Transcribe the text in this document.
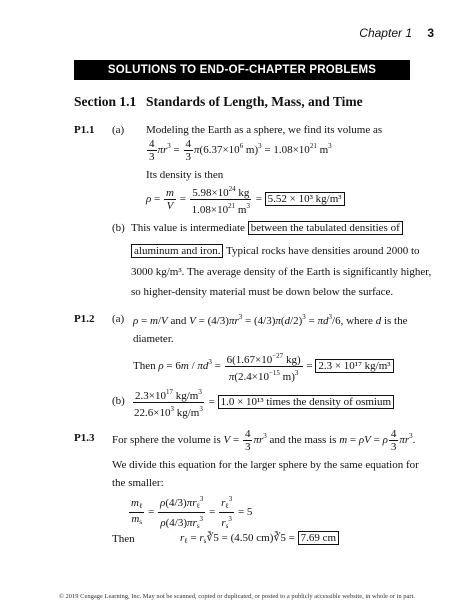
Chapter 1 3
SOLUTIONS TO END-OF-CHAPTER PROBLEMS
Section 1.1 Standards of Length, Mass, and Time
P1.1 (a) Modeling the Earth as a sphere, we find its volume as
$\frac{4}{3} \pi r^3 = \frac{4}{3} \pi(6.37\times 10^6$ $m)^3 = 1.08\times 10^{21}$ $m^3$
Its density is then
$\rho = \frac{m}{V} = \frac{5.98\times 10^{24} kg}{1.08\times 10^{21} m^3} = 5.52 \times 10^3$ kg/m³
(b) This value is intermediate between the tabulated densities of
aluminum and iron. Typical rocks have densities around 2000 to
3000 kg/m³. The average density of the Earth is significantly higher,
so higher-density material must be down below the surface.
P1.2 (a) ρ = m/V and $V = (4/3)\pi r^3 = (4/3)\pi(d/2)^3 = \pi d^3/6$, where d is the
diameter.
Then $\rho = 6m / \pi d^3 = \frac{6(1.67\times 10^{-27} kg)}{\pi(2.4\times 10^{-15} m)^3} = 2.3 \times 10^{17}$ kg/m³
$(b) \frac{2.3\times 10^{17} kg/m^3}{22.6\times 10^3 kg/m^3} = 1.0 \times 10^{13}$ times the density of osmium
P1.3 For sphere the volume is $V = \frac{4}{3} \pi r^3$ and the mass is m = ρV = ρ $\frac{4}{3} \pi r^3$.
We divide this equation for the larger sphere by the same equation for
the smaller:
$\frac{m_\ell}{m_s} = \frac{\rho(4/3)\pi r_\ell^3}{\rho(4/3)\pi r_s^3} = \frac{r_\ell^3}{r_s^3} = 5$
Then	$r_\ell$ = $r_s∛5 = (4.50$ cm)∛5 = 7.69 cm
© 2019 Cengage Learning, Inc. May not be scanned, copied or duplicated, or posted to a publicly accessible website, in whole or in part.
